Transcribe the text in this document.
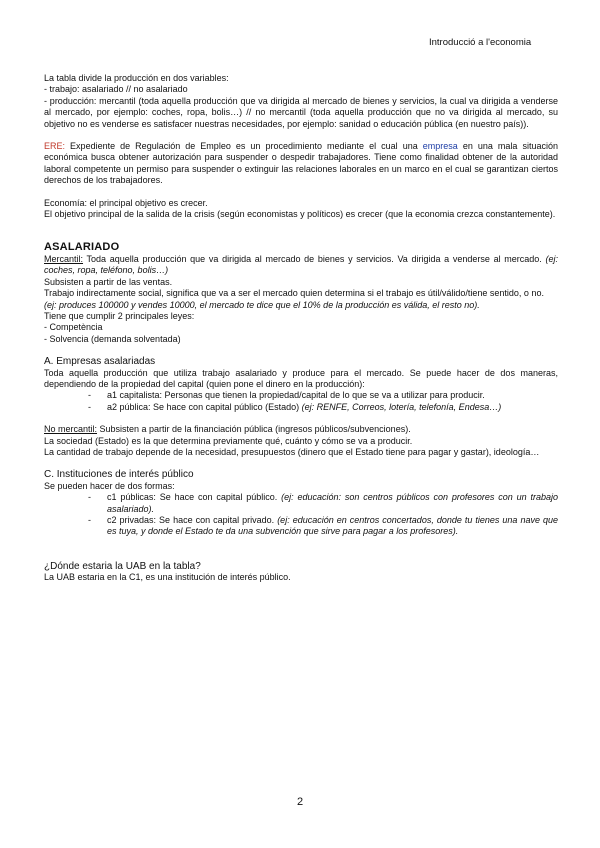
Introducció a l'economia

La tabla divide la producción en dos variables:

- trabajo: asalariado // no asalariado

- producción: mercantil (toda aquella producción que va dirigida al mercado de bienes y servicios, la cual va dirigida a venderse al mercado, por ejemplo: coches, ropa, bolis…) // no mercantil (toda aquella producción que no va dirigida al mercado, su objetivo no es venderse es satisfacer nuestras necesidades, por ejemplo: sanidad o educación pública (en nuestro país)).

ERE: Expediente de Regulación de Empleo es un procedimiento mediante el cual una empresa en una mala situación económica busca obtener autorización para suspender o despedir trabajadores. Tiene como finalidad obtener de la autoridad laboral competente un permiso para suspender o extinguir las relaciones laborales en un marco en el cual se garantizan ciertos derechos de los trabajadores.

Economía: el principal objetivo es crecer.

El objetivo principal de la salida de la crisis (según economistas y políticos) es crecer (que la economia crezca constantemente).

ASALARIADO

Mercantil: Toda aquella producción que va dirigida al mercado de bienes y servicios. Va dirigida a venderse al mercado. (ej: coches, ropa, teléfono, bolis…)

Subsisten a partir de las ventas.

Trabajo indirectamente social, significa que va a ser el mercado quien determina si el trabajo es útil/válido/tiene sentido, o no.

(ej: produces 100000 y vendes 10000, el mercado te dice que el 10% de la producción es válida, el resto no).

Tiene que cumplir 2 principales leyes:

- Competència

- Solvencia (demanda solventada)

A. Empresas asalariadas

Toda aquella producción que utiliza trabajo asalariado y produce para el mercado. Se puede hacer de dos maneras, dependiendo de la propiedad del capital (quien pone el dinero en la producción):

-	a1 capitalista: Personas que tienen la propiedad/capital de lo que se va a utilizar para producir.
-	a2 pública: Se hace con capital público (Estado) (ej: RENFE, Correos, lotería, telefonía, Endesa…)

No mercantil: Subsisten a partir de la financiación pública (ingresos públicos/subvenciones).

La sociedad (Estado) es la que determina previamente qué, cuánto y cómo se va a producir.

La cantidad de trabajo depende de la necesidad, presupuestos (dinero que el Estado tiene para pagar y gastar), ideología…

C. Instituciones de interés público

Se pueden hacer de dos formas:

-	c1 públicas: Se hace con capital público. (ej: educación: son centros públicos con profesores con un trabajo asalariado).
-	c2 privadas: Se hace con capital privado. (ej: educación en centros concertados, donde tu tienes una nave que es tuya, y donde el Estado te da una subvención que sirve para pagar a los profesores).

¿Dónde estaria la UAB en la tabla?

La UAB estaria en la C1, es una institución de interés público.

2
